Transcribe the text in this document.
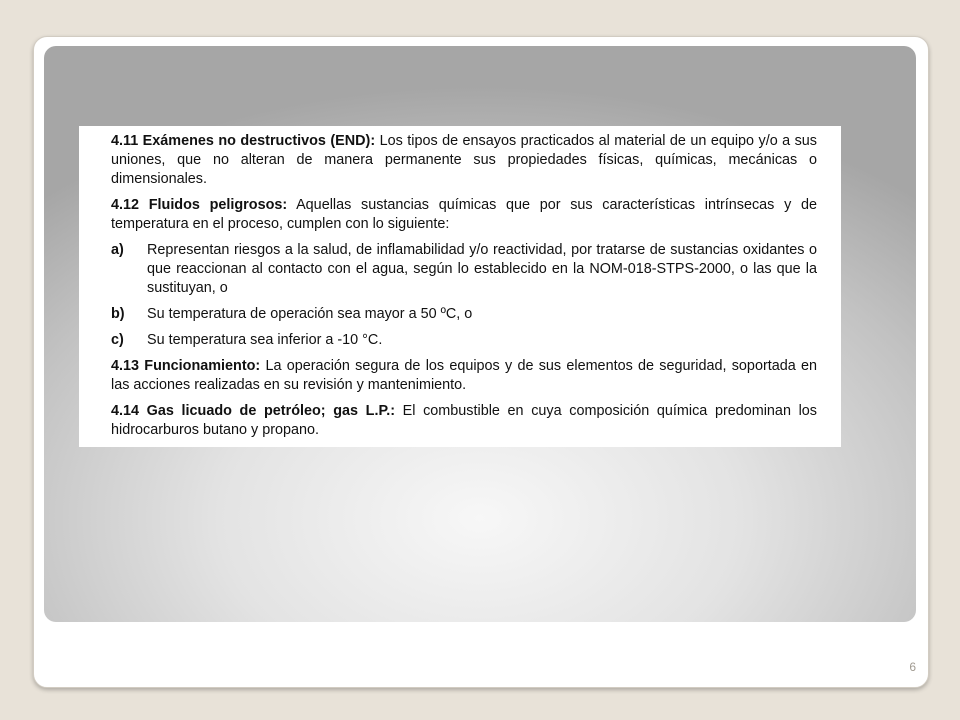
4.11 Exámenes no destructivos (END): Los tipos de ensayos practicados al material de un equipo y/o a sus uniones, que no alteran de manera permanente sus propiedades físicas, químicas, mecánicas o dimensionales.

4.12 Fluidos peligrosos: Aquellas sustancias químicas que por sus características intrínsecas y de temperatura en el proceso, cumplen con lo siguiente:

a)	Representan riesgos a la salud, de inflamabilidad y/o reactividad, por tratarse de sustancias oxidantes o que reaccionan al contacto con el agua, según lo establecido en la NOM-018-STPS-2000, o las que la sustituyan, o
b)	Su temperatura de operación sea mayor a 50 ºC, o
c)	Su temperatura sea inferior a -10 °C.

4.13 Funcionamiento: La operación segura de los equipos y de sus elementos de seguridad, soportada en las acciones realizadas en su revisión y mantenimiento.

4.14 Gas licuado de petróleo; gas L.P.: El combustible en cuya composición química predominan los hidrocarburos butano y propano.

6
